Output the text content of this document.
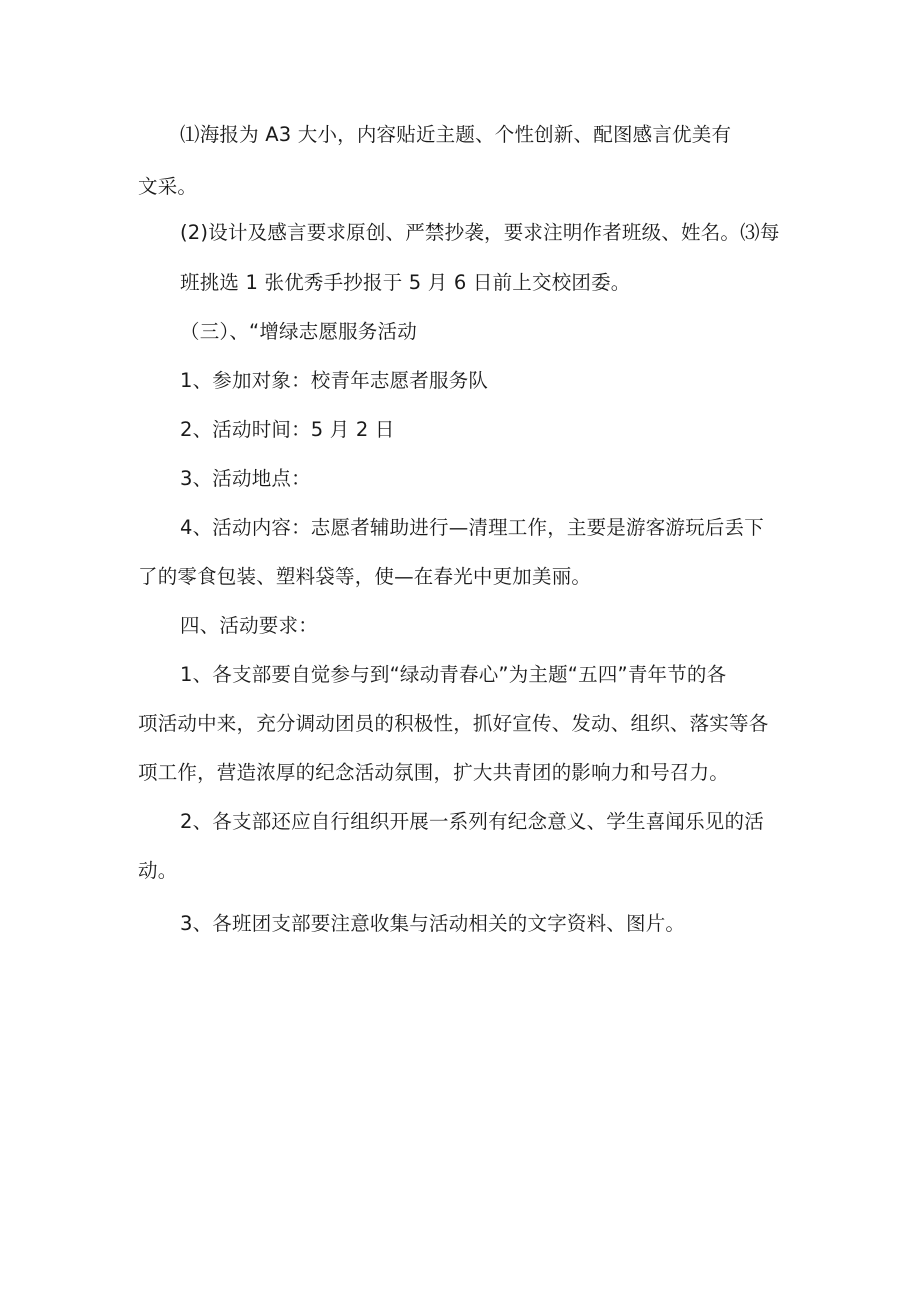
⑴海报为 A3 大小，内容贴近主题、个性创新、配图感言优美有
文采。
(2)设计及感言要求原创、严禁抄袭，要求注明作者班级、姓名。⑶每
班挑选 1 张优秀手抄报于 5 月 6 日前上交校团委。
（三）、“增绿志愿服务活动
1、参加对象：校青年志愿者服务队
2、活动时间：5 月 2 日
3、活动地点：
4、活动内容：志愿者辅助进行—清理工作，主要是游客游玩后丢下
了的零食包装、塑料袋等，使—在春光中更加美丽。
四、活动要求：
1、各支部要自觉参与到“绿动青春心”为主题“五四”青年节的各
项活动中来，充分调动团员的积极性，抓好宣传、发动、组织、落实等各
项工作，营造浓厚的纪念活动氛围，扩大共青团的影响力和号召力。
2、各支部还应自行组织开展一系列有纪念意义、学生喜闻乐见的活
动。
3、各班团支部要注意收集与活动相关的文字资料、图片。
